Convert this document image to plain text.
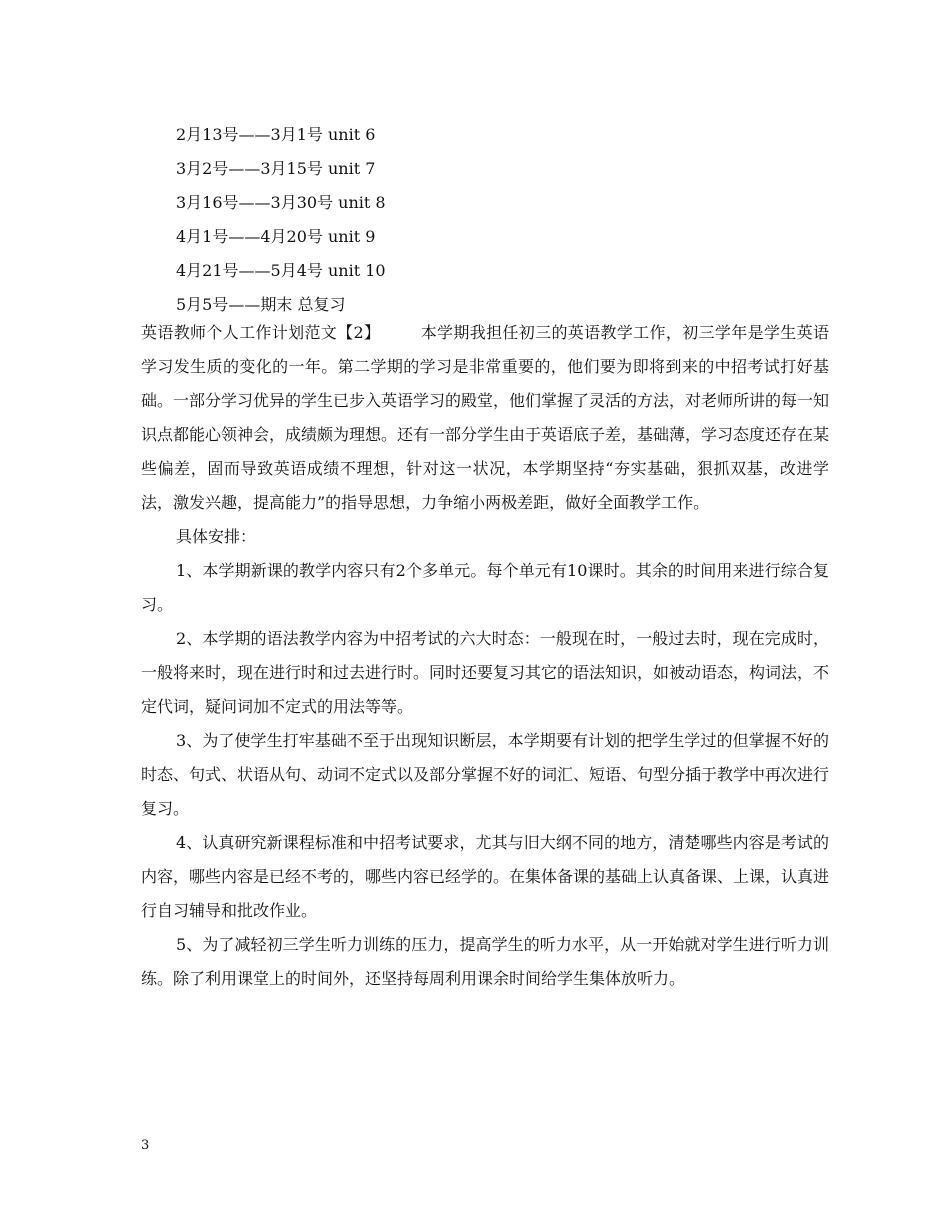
2月13号——3月1号 unit 6
3月2号——3月15号 unit 7
3月16号——3月30号 unit 8
4月1号——4月20号 unit 9
4月21号——5月4号 unit 10
5月5号——期末 总复习

英语教师个人工作计划范文【2】	本学期我担任初三的英语教学工作，初三学年是学生英语学习发生质的变化的一年。第二学期的学习是非常重要的，他们要为即将到来的中招考试打好基础。一部分学习优异的学生已步入英语学习的殿堂，他们掌握了灵活的方法，对老师所讲的每一知识点都能心领神会，成绩颇为理想。还有一部分学生由于英语底子差，基础薄，学习态度还存在某些偏差，固而导致英语成绩不理想，针对这一状况，本学期坚持“夯实基础，狠抓双基，改进学法，激发兴趣，提高能力”的指导思想，力争缩小两极差距，做好全面教学工作。

具体安排：

1、本学期新课的教学内容只有2个多单元。每个单元有10课时。其余的时间用来进行综合复习。

2、本学期的语法教学内容为中招考试的六大时态：一般现在时，一般过去时，现在完成时，一般将来时，现在进行时和过去进行时。同时还要复习其它的语法知识，如被动语态，构词法，不定代词，疑问词加不定式的用法等等。

3、为了使学生打牢基础不至于出现知识断层，本学期要有计划的把学生学过的但掌握不好的时态、句式、状语从句、动词不定式以及部分掌握不好的词汇、短语、句型分插于教学中再次进行复习。

4、认真研究新课程标准和中招考试要求，尤其与旧大纲不同的地方，清楚哪些内容是考试的内容，哪些内容是已经不考的，哪些内容已经学的。在集体备课的基础上认真备课、上课，认真进行自习辅导和批改作业。

5、为了减轻初三学生听力训练的压力，提高学生的听力水平，从一开始就对学生进行听力训练。除了利用课堂上的时间外，还坚持每周利用课余时间给学生集体放听力。

3
